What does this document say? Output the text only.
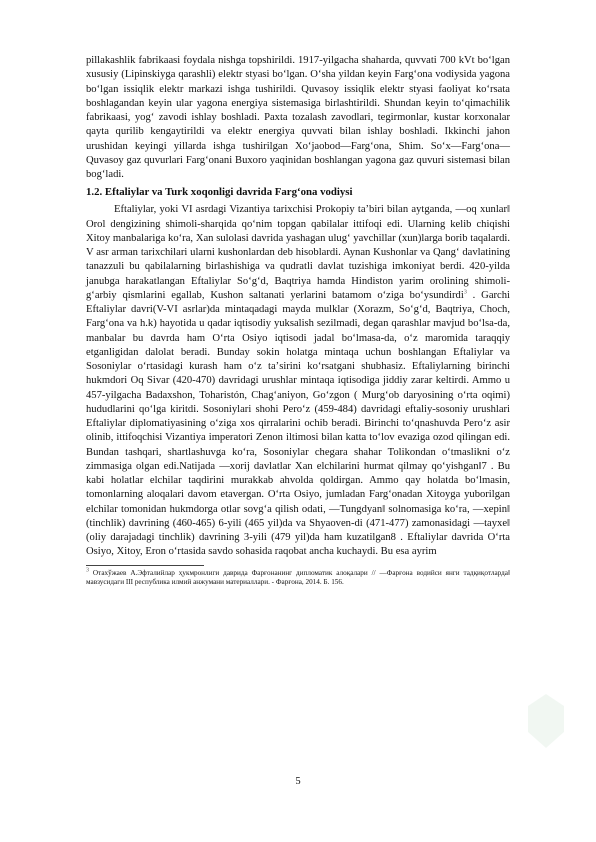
pillakashlik fabrikaasi foydala nishga topshirildi. 1917-yilgacha shaharda, quvvati 700 kVt boʻlgan xususiy (Lipinskiyga qarashli) elektr styasi boʻlgan. Oʻsha yildan keyin Fargʻona vodiysida yagona boʻlgan issiqlik elektr markazi ishga tushirildi. Quvasoy issiqlik elektr styasi faoliyat koʻrsata boshlagandan keyin ular yagona energiya sistemasiga birlashtirildi. Shundan keyin toʻqimachilik fabrikaasi, yogʻ zavodi ishlay boshladi. Paxta tozalash zavodlari, tegirmonlar, kustar korxonalar qayta qurilib kengaytirildi va elektr energiya quvvati bilan ishlay boshladi. Ikkinchi jahon urushidan keyingi yillarda ishga tushirilgan Xoʻjaobod—Fargʻona, Shim. Soʻx—Fargʻona—Quvasoy gaz quvurlari Fargʻonani Buxoro yaqinidan boshlangan yagona gaz quvuri sistemasi bilan bogʻladi.

1.2. Eftaliylar va Turk xoqonligi davrida Fargʻona vodiysi

Eftaliylar, yoki VI asrdagi Vizantiya tarixchisi Prokopiy taʼbiri bilan aytganda, ―oq xunlar‖ Orol dengizining shimoli-sharqida qoʻnim topgan qabilalar ittifoqi edi. Ularning kelib chiqishi Xitoy manbalariga koʻra, Xan sulolasi davrida yashagan ulugʻ yavchillar (xun)larga borib taqalardi. V asr arman tarixchilari ularni kushonlardan deb hisoblardi. Aynan Kushonlar va Qangʻ davlatining tanazzuli bu qabilalarning birlashishiga va qudratli davlat tuzishiga imkoniyat berdi. 420-yilda janubga harakatlangan Eftaliylar Soʻgʻd, Baqtriya hamda Hindiston yarim orolining shimoli-gʻarbiy qismlarini egallab, Kushon saltanati yerlarini batamom oʻziga boʻysundirdi$^3$ . Garchi Eftaliylar davri(V-VI asrlar)da mintaqadagi mayda mulklar (Xorazm, Soʻgʻd, Baqtriya, Choch, Fargʻona va h.k) hayotida u qadar iqtisodiy yuksalish sezilmadi, degan qarashlar mavjud boʻlsa-da, manbalar bu davrda ham Oʻrta Osiyo iqtisodi jadal boʻlmasa-da, oʻz maromida taraqqiy etganligidan dalolat beradi. Bunday sokin holatga mintaqa uchun boshlangan Eftaliylar va Sosoniylar oʻrtasidagi kurash ham oʻz taʼsirini koʻrsatgani shubhasiz. Eftaliylarning birinchi hukmdori Oq Sivar (420-470) davridagi urushlar mintaqa iqtisodiga jiddiy zarar keltirdi. Ammo u 457-yilgacha Badaxshon, Toharistón, Chagʻaniyon, Goʻzgon ( Murgʻob daryosining oʻrta oqimi) hududlarini qoʻlga kiritdi. Sosoniylari shohi Peroʻz (459-484) davridagi eftaliy-sosoniy urushlari Eftaliylar diplomatiyasining oʻziga xos qirralarini ochib beradi. Birinchi toʻqnashuvda Peroʻz asir olinib, ittifoqchisi Vizantiya imperatori Zenon iltimosi bilan katta toʻlov evaziga ozod qilingan edi. Bundan tashqari, shartlashuvga koʻra, Sosoniylar chegara shahar Tolikondan oʻtmaslikni oʻz zimmasiga olgan edi.Natijada ―xorij davlatlar Xan elchilarini hurmat qilmay qoʻyishgan‖7 . Bu kabi holatlar elchilar taqdirini murakkab ahvolda qoldirgan. Ammo qay holatda boʻlmasin, tomonlarning aloqalari davom etavergan. Oʻrta Osiyo, jumladan Fargʻonadan Xitoyga yuborilgan elchilar tomonidan hukmdorga otlar sovgʻa qilish odati, ―Tungdyan‖ solnomasiga koʻra, ―xepin‖ (tinchlik) davrining (460-465) 6-yili (465 yil)da va Shyaoven-di (471-477) zamonasidagi ―tayxe‖ (oliy darajadagi tinchlik) davrining 3-yili (479 yil)da ham kuzatilgan8 . Eftaliylar davrida Oʻrta Osiyo, Xitoy, Eron oʻrtasida savdo sohasida raqobat ancha kuchaydi. Bu esa ayrim

$^3$ Отахўжаев А.Эфталийлар ҳукмронлиги даврида Фарғонанинг дипломатик алоқалари // ―Фарғона водийси янги тадқиқотларда‖ мавзусидаги III республика илмий анжумани материаллари. - Фарғона, 2014. Б. 156.

5
